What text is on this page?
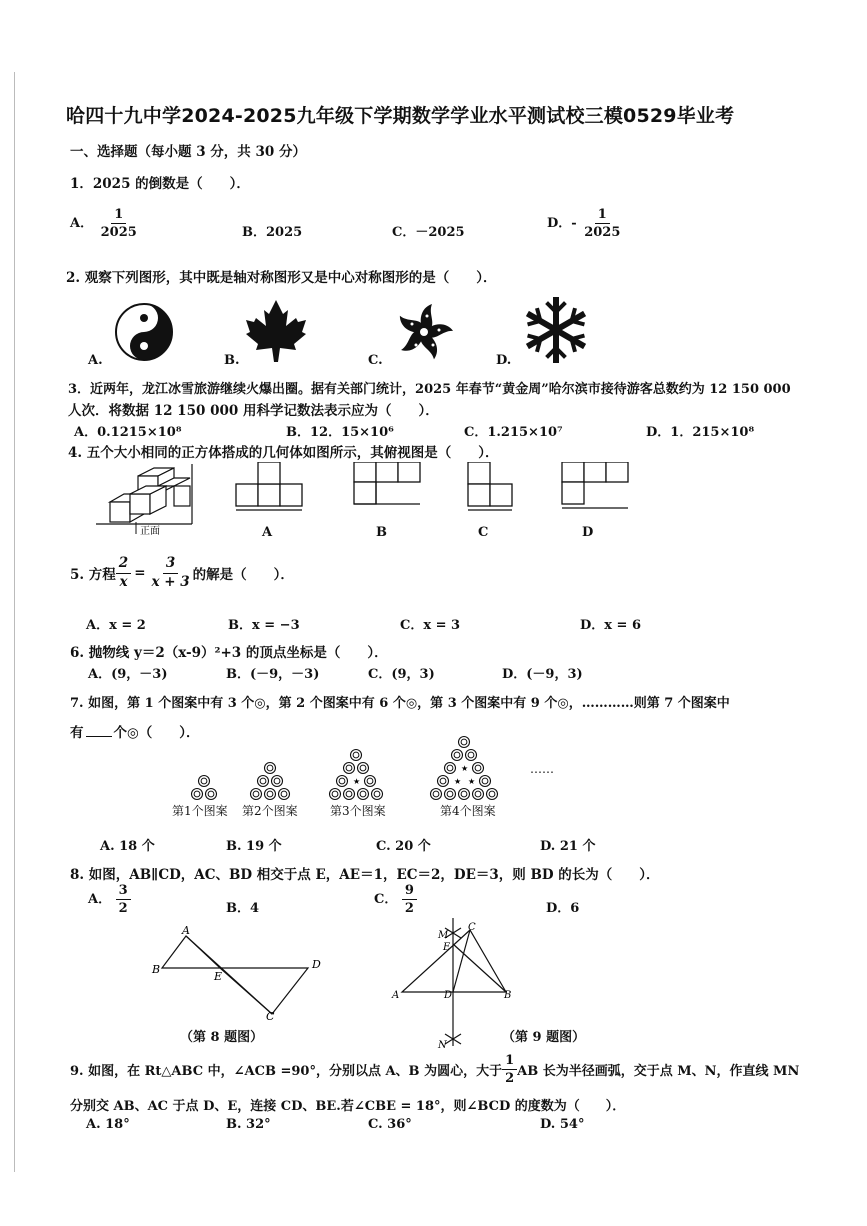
哈四十九中学2024-2025九年级下学期数学学业水平测试校三模0529毕业考
一、选择题（每小题 3 分，共 30 分）
1．2025 的倒数是（　　）．
A． $\frac{1}{2025}$	B．2025	C．－2025
D．- $\frac{1}{2025}$
2. 观察下列图形，其中既是轴对称图形又是中心对称图形的是（　　）．
A.	B.	C.	D.
3．近两年，龙江冰雪旅游继续火爆出圈。据有关部门统计，2025 年春节“黄金周”哈尔滨市接待游客总数约为 12 150 000
人次．将数据 12 150 000 用科学记数法表示应为（　　）．
A．0.1215×10⁸	B．12．15×10⁶	C．1.215×10⁷	D．1．215×10⁸
4. 五个大小相同的正方体搭成的几何体如图所示，其俯视图是（　　）．
正面	A	B	C	D
5. 方程 $\frac{2}{x} = \frac{3}{x + 3}$ 的解是（　　）．
A．x = 2	B．x = −3	C．x = 3	D．x = 6
6. 抛物线 y＝2（x-9）²+3 的顶点坐标是（　　）．
A．(9，－3)	B．(－9，－3)	C．(9，3)	D．(－9，3)
7. 如图，第 1 个图案中有 3 个◎，第 2 个图案中有 6 个◎，第 3 个图案中有 9 个◎，…………则第 7 个图案中
有 个◎（　　）．
★
★
★ ★
第1个图案 第2个图案	第3个图案	第4个图案
……
A. 18 个	B. 19 个	C. 20 个	D. 21 个
8. 如图，AB∥CD，AC、BD 相交于点 E，AE＝1，EC＝2，DE＝3，则 BD 的长为（　　）．
A． $\frac{3}{2}$	B．4
C． $\frac{9}{2}$	D．6
A
B
E
D
C
M
C
E
A	D	B
N
（第 8 题图）	（第 9 题图）
9. 如图，在 Rt△ABC 中，∠ACB =90°，分别以点 A、B 为圆心，大于 $\frac{1}{2}$ AB 长为半径画弧，交于点 M、N，作直线 MN
分别交 AB、AC 于点 D、E，连接 CD、BE.若∠CBE = 18°，则∠BCD 的度数为（　　）．
A. 18°	B. 32°	C. 36°	D. 54°
